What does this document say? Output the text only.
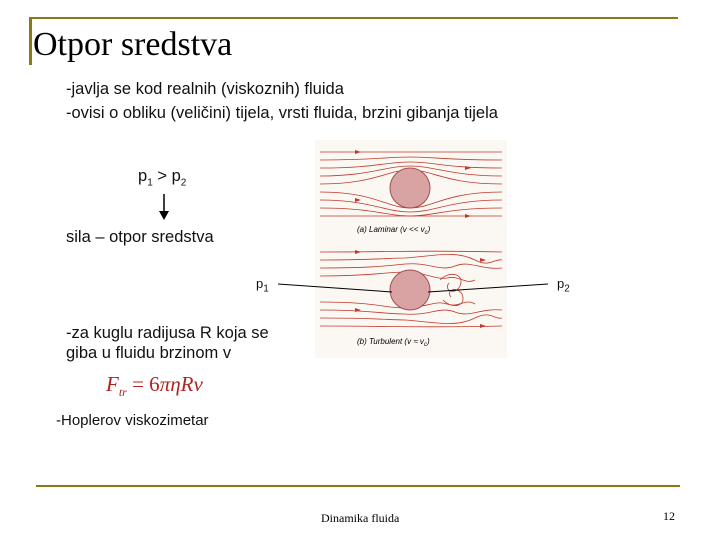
Otpor sredstva
-javlja se kod realnih (viskoznih) fluida
-ovisi o obliku (veličini) tijela, vrsti fluida, brzini gibanja tijela
$p_1 > p_2$
sila – otpor sredstva
$p_1$	$p_2$
(a) Laminar $(v << v_c)$
(b) Turbulent $(v \approx v_c)$
-za kuglu radijusa R koja se
giba u fluidu brzinom v
$F_{tr} = 6\pi\eta Rv$
-Hoplerov viskozimetar
Dinamika fluida	12
